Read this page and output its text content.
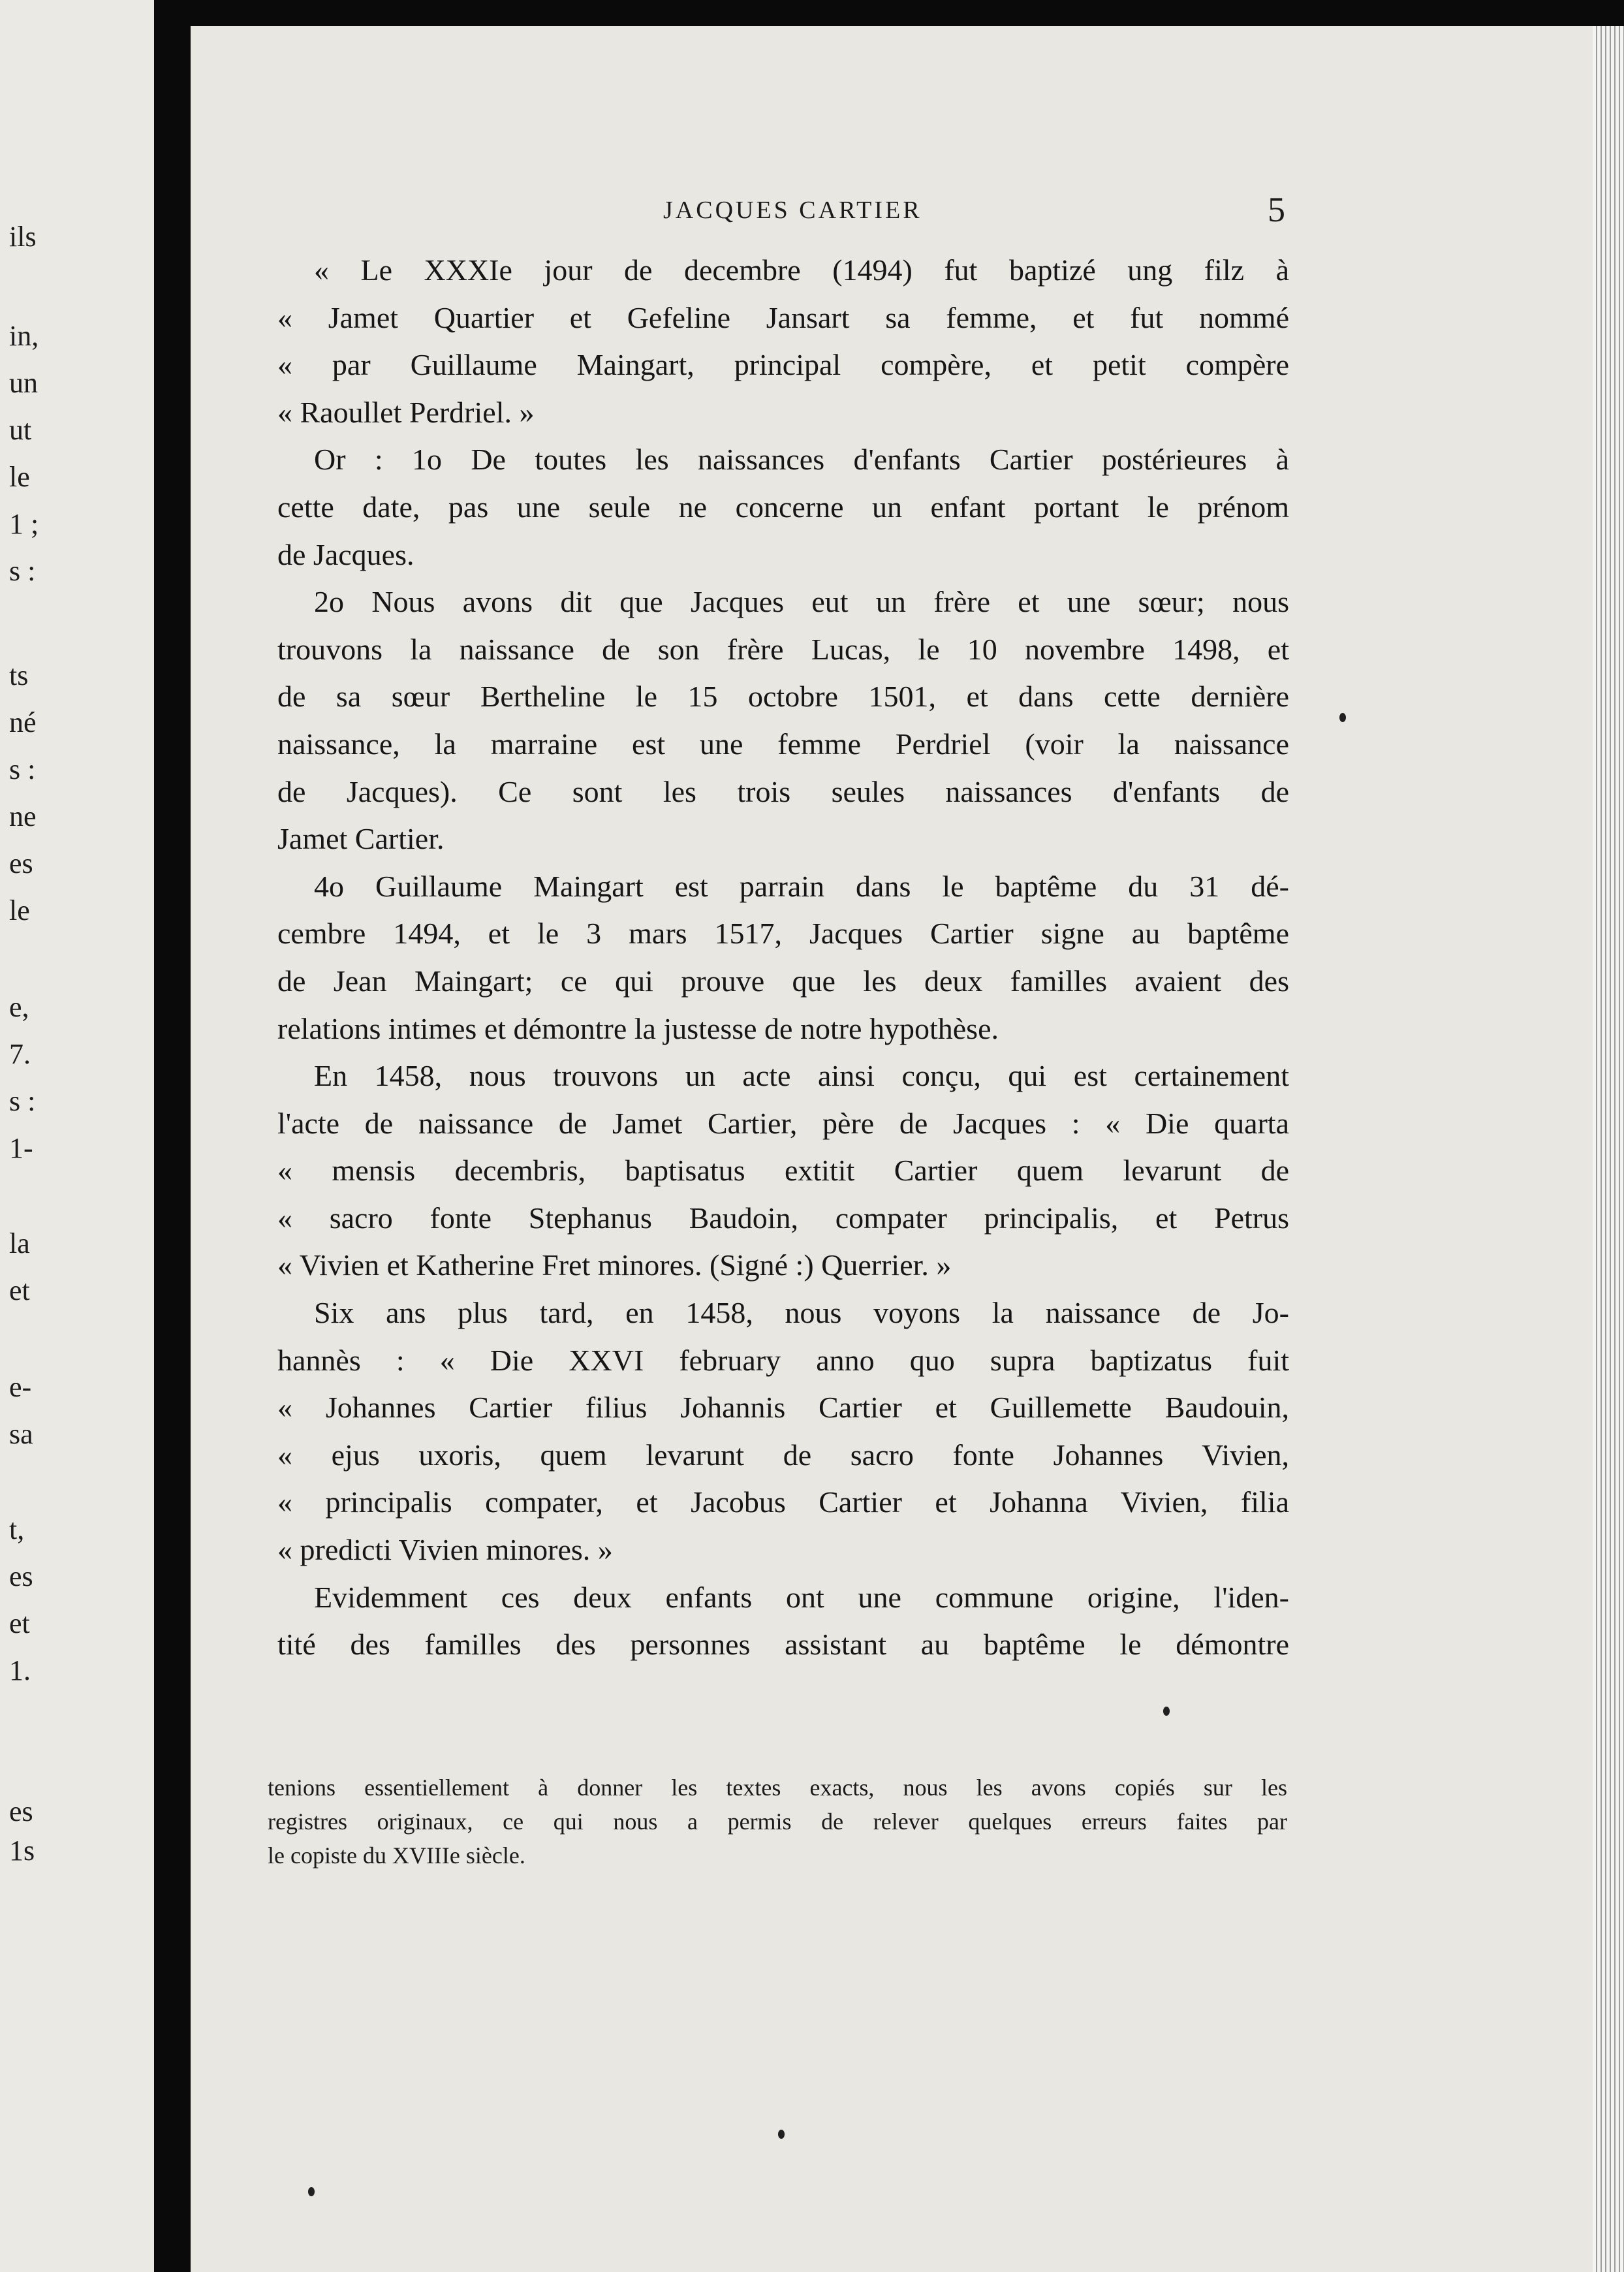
ils
in,
un
ut
le
1 ;
s :
ts
né
s :
ne
es
le
e,
7.
s :
1-
la
et
e-
sa
t,
es
et
1.
es
1s
JACQUES CARTIER	5
« Le XXXIe jour de decembre (1494) fut baptizé ung filz à
« Jamet Quartier et Gefeline Jansart sa femme, et fut nommé
« par Guillaume Maingart, principal compère, et petit compère
« Raoullet Perdriel. »
Or : 1o De toutes les naissances d'enfants Cartier postérieures à
cette date, pas une seule ne concerne un enfant portant le prénom
de Jacques.
2o Nous avons dit que Jacques eut un frère et une sœur; nous
trouvons la naissance de son frère Lucas, le 10 novembre 1498, et
de sa sœur Bertheline le 15 octobre 1501, et dans cette dernière
naissance, la marraine est une femme Perdriel (voir la naissance
de Jacques). Ce sont les trois seules naissances d'enfants de
Jamet Cartier.
4o Guillaume Maingart est parrain dans le baptême du 31 dé-
cembre 1494, et le 3 mars 1517, Jacques Cartier signe au baptême
de Jean Maingart; ce qui prouve que les deux familles avaient des
relations intimes et démontre la justesse de notre hypothèse.
En 1458, nous trouvons un acte ainsi conçu, qui est certainement
l'acte de naissance de Jamet Cartier, père de Jacques : « Die quarta
« mensis decembris, baptisatus extitit Cartier quem levarunt de
« sacro fonte Stephanus Baudoin, compater principalis, et Petrus
« Vivien et Katherine Fret minores. (Signé :) Querrier. »
Six ans plus tard, en 1458, nous voyons la naissance de Jo-
hannès : « Die XXVI february anno quo supra baptizatus fuit
« Johannes Cartier filius Johannis Cartier et Guillemette Baudouin,
« ejus uxoris, quem levarunt de sacro fonte Johannes Vivien,
« principalis compater, et Jacobus Cartier et Johanna Vivien, filia
« predicti Vivien minores. »
Evidemment ces deux enfants ont une commune origine, l'iden-
tité des familles des personnes assistant au baptême le démontre
tenions essentiellement à donner les textes exacts, nous les avons copiés sur les
registres originaux, ce qui nous a permis de relever quelques erreurs faites par
le copiste du XVIIIe siècle.
